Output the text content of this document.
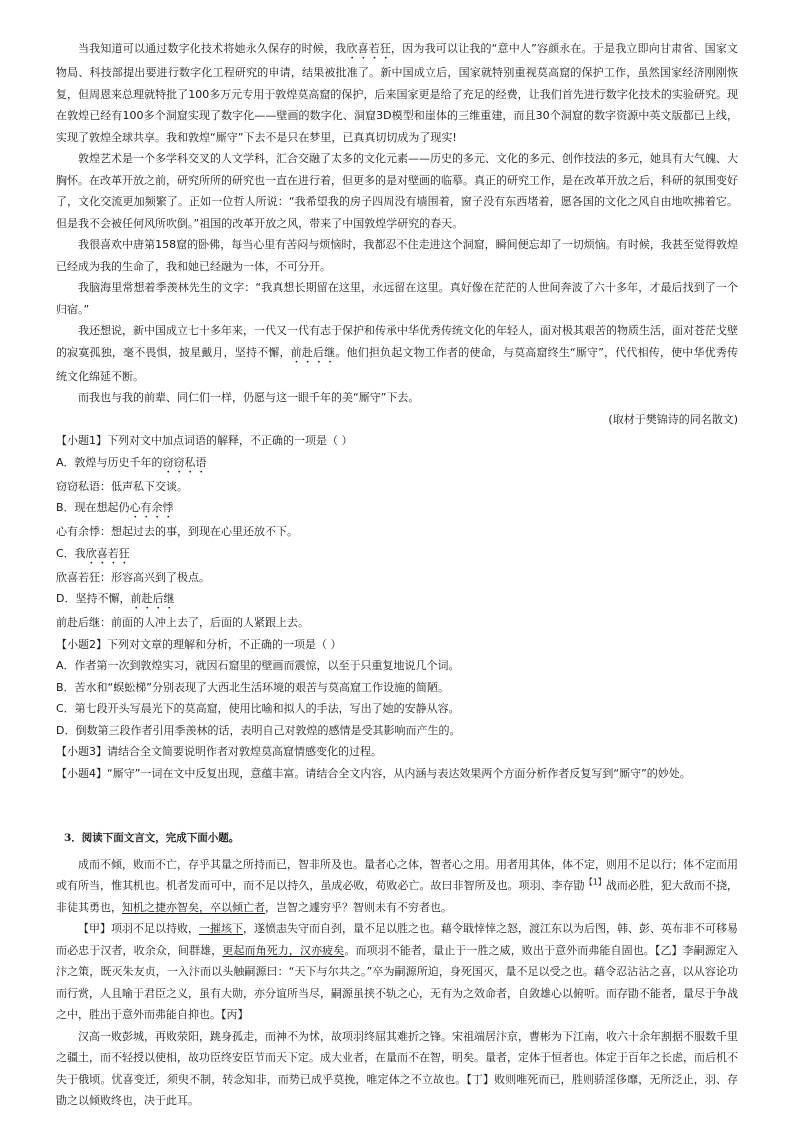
当我知道可以通过数字化技术将她永久保存的时候，我欣喜若狂，因为我可以让我的“意中人”容颜永在。于是我立即向甘肃省、国家文物局、科技部提出要进行数字化工程研究的申请，结果被批准了。新中国成立后，国家就特别重视莫高窟的保护工作，虽然国家经济刚刚恢复，但周恩来总理就特批了100多万元专用于敦煌莫高窟的保护，后来国家更是给了充足的经费，让我们首先进行数字化技术的实验研究。现在敦煌已经有100多个洞窟实现了数字化——壁画的数字化、洞窟3D模型和崖体的三维重建，而且30个洞窟的数字资源中英文版都已上线，实现了敦煌全球共享。我和敦煌“厮守”下去不是只在梦里，已真真切切成为了现实!

敦煌艺术是一个多学科交叉的人文学科，汇合交融了太多的文化元素——历史的多元、文化的多元、创作技法的多元，她具有大气魄、大胸怀。在改革开放之前，研究所所的研究也一直在进行着，但更多的是对壁画的临摹。真正的研究工作，是在改革开放之后，科研的氛围变好了，文化交流更加频繁了。正如一位哲人所说：“我希望我的房子四周没有墙围着，窗子没有东西堵着，愿各国的文化之风自由地吹拂着它。但是我不会被任何风所吹倒。”祖国的改革开放之风，带来了中国敦煌学研究的春天。

我很喜欢中唐第158窟的卧佛，每当心里有苦闷与烦恼时，我都忍不住走进这个洞窟，瞬间便忘却了一切烦恼。有时候，我甚至觉得敦煌已经成为我的生命了，我和她已经融为一体，不可分开。

我脑海里常想着季羡林先生的文字：“我真想长期留在这里，永远留在这里。真好像在茫茫的人世间奔波了六十多年，才最后找到了一个归宿。”

我还想说，新中国成立七十多年来，一代又一代有志于保护和传承中华优秀传统文化的年轻人，面对极其艰苦的物质生活，面对苍茫戈壁的寂寞孤独，毫不畏惧，披星戴月，坚持不懈，前赴后继。他们担负起文物工作者的使命，与莫高窟终生“厮守”，代代相传，使中华优秀传统文化绵延不断。

而我也与我的前辈、同仁们一样，仍愿与这一眼千年的美“厮守”下去。

(取材于樊锦诗的同名散文)

【小题1】下列对文中加点词语的解释，不正确的一项是（ ）

A．敦煌与历史千年的窃窃私语

窃窃私语：低声私下交谈。

B．现在想起仍心有余悸

心有余悸：想起过去的事，到现在心里还放不下。

C．我欣喜若狂

欣喜若狂：形容高兴到了极点。

D．坚持不懈，前赴后继

前赴后继：前面的人冲上去了，后面的人紧跟上去。

【小题2】下列对文章的理解和分析，不正确的一项是（ ）

A．作者第一次到敦煌实习，就因石窟里的壁画而震惊，以至于只重复地说几个词。

B．苦水和“蜈蚣梯”分别表现了大西北生活环境的艰苦与莫高窟工作设施的简陋。

C．第七段开头写晨光下的莫高窟，使用比喻和拟人的手法，写出了她的安静从容。

D．倒数第三段作者引用季羡林的话，表明自己对敦煌的感情是受其影响而产生的。

【小题3】请结合全文简要说明作者对敦煌莫高窟情感变化的过程。

【小题4】“厮守”一词在文中反复出现，意蕴丰富。请结合全文内容，从内涵与表达效果两个方面分析作者反复写到“厮守”的妙处。

3．阅读下面文言文，完成下面小题。

成而不倾，败而不亡，存乎其量之所持而已，智非所及也。量者心之体，智者心之用。用者用其体，体不定，则用不足以行；体不定而用或有所当，惟其机也。机者发而可中，而不足以持久，虽成必败，苟败必亡。故曰非智所及也。项羽、李存勖$^{【1】}$战而必胜，犯大敌而不挠，非徒其勇也，知机之捷亦智矣，卒以倾亡者，岂智之遽穷乎？智则未有不穷者也。

【甲】项羽不足以持败，一摧垓下，遂愤恚失守而自刭，量不足以胜之也。藉令戢悻悻之怒，渡江东以为后图，韩、彭、英布非不可移易而必忠于汉者，收余众，间群雄，更起而角死力，汉亦疲矣。而项羽不能者，量止于一胜之威，败出于意外而弗能自固也。【乙】李嗣源定入汴之策，既灭朱友贞，一入汴而以头触嗣源曰：“天下与尔共之。”卒为嗣源所迫，身死国灭，量不足以受之也。藉令忍沾沾之喜，以从容论功而行赏，人且喻于君臣之义，虽有大勋，亦分谊所当尽，嗣源虽挟不轨之心，无有为之效命者，自敛雄心以俯听。而存勖不能者，量尽于争战之中，胜出于意外而弗能自抑也。【丙】

汉高一败彭城，再败荥阳，跳身孤走，而神不为怵，故项羽终屈其难折之锋。宋祖端居汴京，曹彬为下江南，收六十余年割据不服数千里之疆土，而不轻授以使相，故功臣终安臣节而天下定。成大业者，在量而不在智，明矣。量者，定体于恒者也。体定于百年之长虑，而后机不失于俄顷。忧喜变迁，须臾不制，转念知非，而势已成乎莫挽，唯定体之不立故也。【丁】败则唯死而已，胜则骄淫侈靡，无所泛止，羽、存勖之以倾败终也，决于此耳。
